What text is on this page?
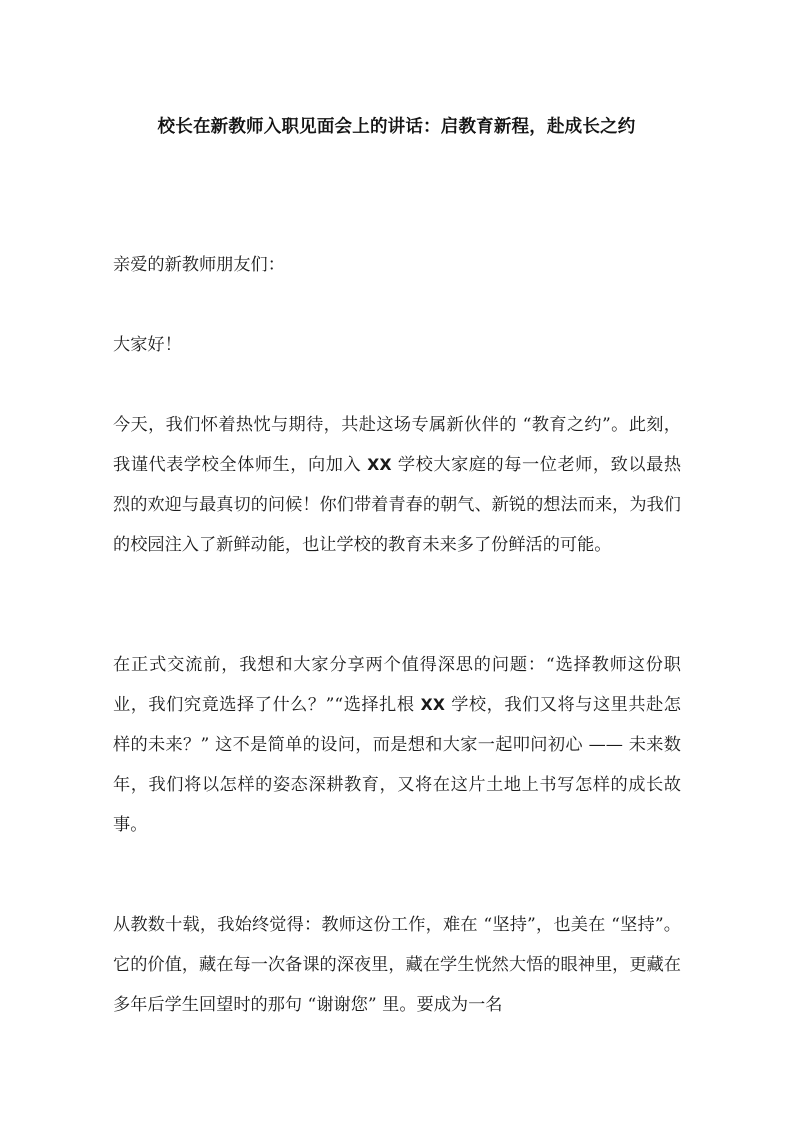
校长在新教师入职见面会上的讲话：启教育新程，赴成长之约

亲爱的新教师朋友们：

大家好！

今天，我们怀着热忱与期待，共赴这场专属新伙伴的 “教育之约”。此刻，我谨代表学校全体师生，向加入 XX 学校大家庭的每一位老师，致以最热烈的欢迎与最真切的问候！你们带着青春的朝气、新锐的想法而来，为我们的校园注入了新鲜动能，也让学校的教育未来多了份鲜活的可能。

在正式交流前，我想和大家分享两个值得深思的问题：“选择教师这份职业，我们究竟选择了什么？”“选择扎根 XX 学校，我们又将与这里共赴怎样的未来？” 这不是简单的设问，而是想和大家一起叩问初心 —— 未来数年，我们将以怎样的姿态深耕教育，又将在这片土地上书写怎样的成长故事。

从教数十载，我始终觉得：教师这份工作，难在 “坚持”，也美在 “坚持”。它的价值，藏在每一次备课的深夜里，藏在学生恍然大悟的眼神里，更藏在多年后学生回望时的那句 “谢谢您” 里。要成为一名
